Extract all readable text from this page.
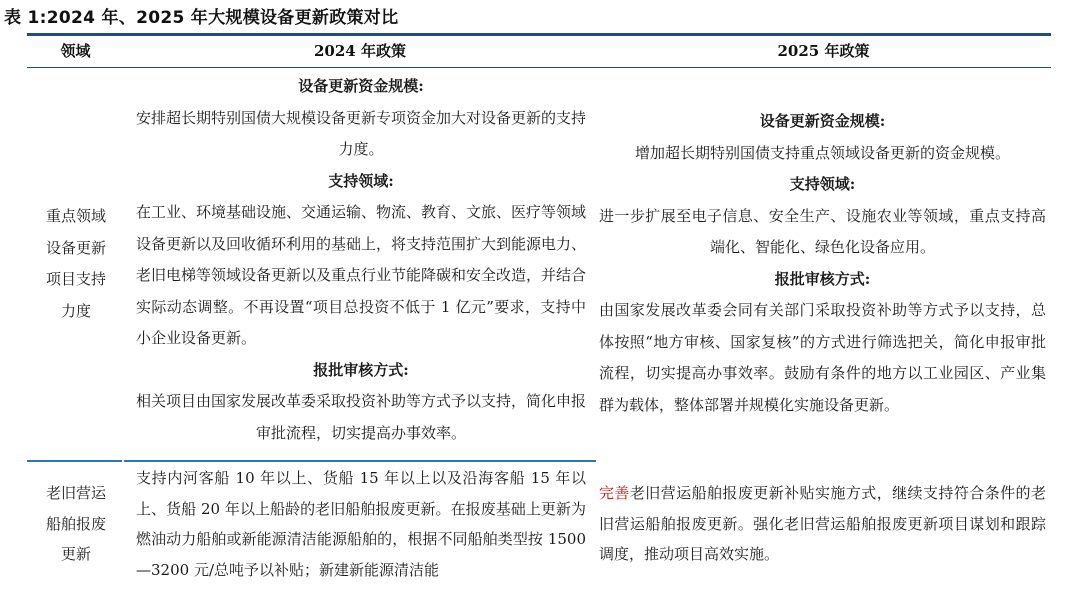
表 1:2024 年、2025 年大规模设备更新政策对比
领域	2024 年政策	2025 年政策
重点领域设备更新项目支持力度

设备更新资金规模:

安排超长期特别国债大规模设备更新专项资金加大对设备更新的支持力度。

支持领域:

在工业、环境基础设施、交通运输、物流、教育、文旅、医疗等领域设备更新以及回收循环利用的基础上，将支持范围扩大到能源电力、老旧电梯等领域设备更新以及重点行业节能降碳和安全改造，并结合实际动态调整。不再设置“项目总投资不低于 1 亿元”要求，支持中小企业设备更新。

报批审核方式:

相关项目由国家发展改革委采取投资补助等方式予以支持，简化申报审批流程，切实提高办事效率。

设备更新资金规模:

增加超长期特别国债支持重点领域设备更新的资金规模。

支持领域:

进一步扩展至电子信息、安全生产、设施农业等领域，重点支持高端化、智能化、绿色化设备应用。

报批审核方式:

由国家发展改革委会同有关部门采取投资补助等方式予以支持，总体按照“地方审核、国家复核”的方式进行筛选把关，简化申报审批流程，切实提高办事效率。鼓励有条件的地方以工业园区、产业集群为载体，整体部署并规模化实施设备更新。

老旧营运船舶报废更新
支持内河客船 10 年以上、货船 15 年以上以及沿海客船 15 年以上、货船 20 年以上船龄的老旧船舶报废更新。在报废基础上更新为燃油动力船舶或新能源清洁能源船舶的，根据不同船舶类型按 1500—3200 元/总吨予以补贴；新建新能源清洁能
完善老旧营运船舶报废更新补贴实施方式，继续支持符合条件的老旧营运船舶报废更新。强化老旧营运船舶报废更新项目谋划和跟踪调度，推动项目高效实施。
